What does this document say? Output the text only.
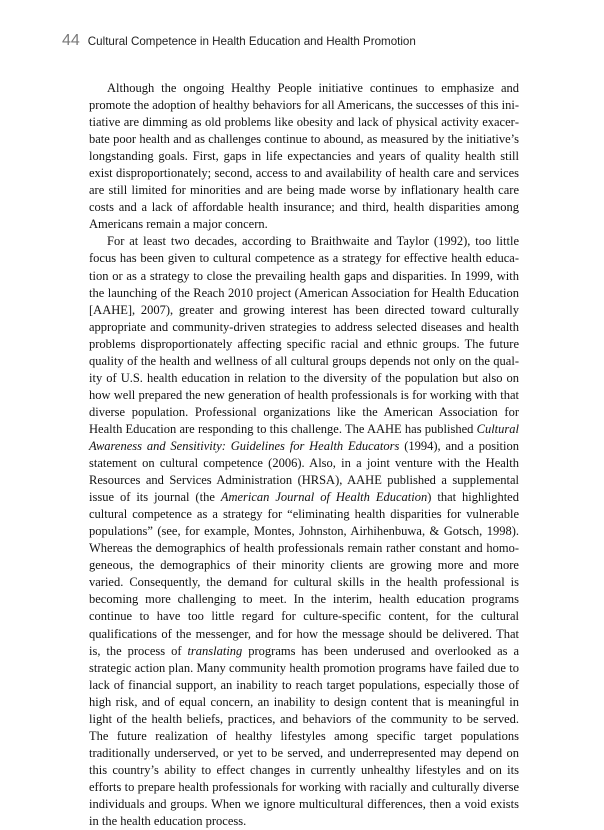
44 Cultural Competence in Health Education and Health Promotion

Although the ongoing Healthy People initiative continues to emphasize and promote the adoption of healthy behaviors for all Americans, the successes of this initiative are dimming as old problems like obesity and lack of physical activity exacerbate poor health and as challenges continue to abound, as measured by the initiative’s longstanding goals. First, gaps in life expectancies and years of quality health still exist disproportionately; second, access to and availability of health care and services are still limited for minorities and are being made worse by inflationary health care costs and a lack of affordable health insurance; and third, health disparities among Americans remain a major concern.

For at least two decades, according to Braithwaite and Taylor (1992), too little focus has been given to cultural competence as a strategy for effective health education or as a strategy to close the prevailing health gaps and disparities. In 1999, with the launching of the Reach 2010 project (American Association for Health Education [AAHE], 2007), greater and growing interest has been directed toward culturally appropriate and community-driven strategies to address selected diseases and health problems disproportionately affecting specific racial and ethnic groups. The future quality of the health and wellness of all cultural groups depends not only on the quality of U.S. health education in relation to the diversity of the population but also on how well prepared the new generation of health professionals is for working with that diverse population. Professional organizations like the American Association for Health Education are responding to this challenge. The AAHE has published Cultural Awareness and Sensitivity: Guidelines for Health Educators (1994), and a position statement on cultural competence (2006). Also, in a joint venture with the Health Resources and Services Administration (HRSA), AAHE published a supplemental issue of its journal (the American Journal of Health Education) that highlighted cultural competence as a strategy for “eliminating health disparities for vulnerable populations” (see, for example, Montes, Johnston, Airhihenbuwa, & Gotsch, 1998). Whereas the demographics of health professionals remain rather constant and homogeneous, the demographics of their minority clients are growing more and more varied. Consequently, the demand for cultural skills in the health professional is becoming more challenging to meet. In the interim, health education programs continue to have too little regard for culture-specific content, for the cultural qualifications of the messenger, and for how the message should be delivered. That is, the process of translating programs has been underused and overlooked as a strategic action plan. Many community health promotion programs have failed due to lack of financial support, an inability to reach target populations, especially those of high risk, and of equal concern, an inability to design content that is meaningful in light of the health beliefs, practices, and behaviors of the community to be served. The future realization of healthy lifestyles among specific target populations traditionally underserved, or yet to be served, and underrepresented may depend on this country’s ability to effect changes in currently unhealthy lifestyles and on its efforts to prepare health professionals for working with racially and culturally diverse individuals and groups. When we ignore multicultural differences, then a void exists in the health education process.
